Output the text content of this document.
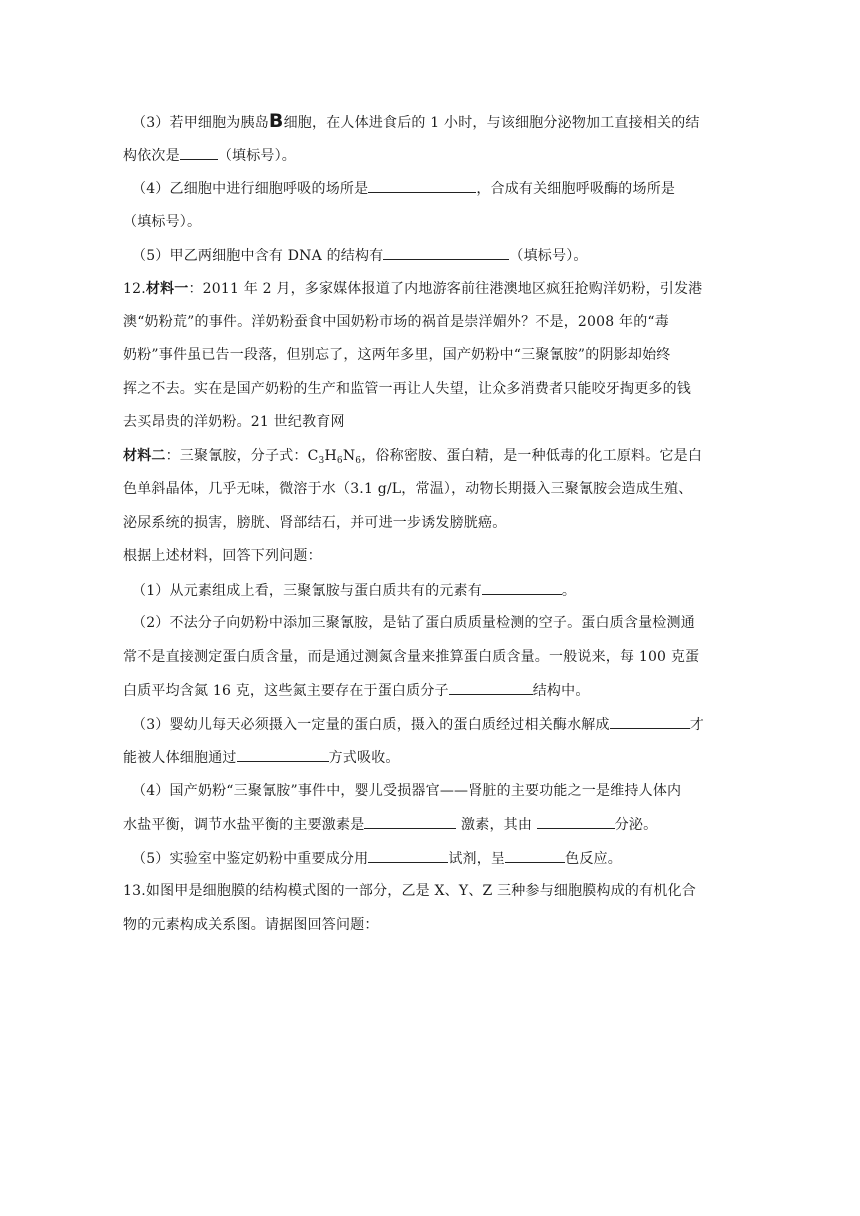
（3）若甲细胞为胰岛B细胞，在人体进食后的 1 小时，与该细胞分泌物加工直接相关的结
构依次是	（填标号）。
（4）乙细胞中进行细胞呼吸的场所是	，合成有关细胞呼吸酶的场所是
（填标号）。
（5）甲乙两细胞中含有 DNA 的结构有	（填标号）。
12.材料一：2011 年 2 月，多家媒体报道了内地游客前往港澳地区疯狂抢购洋奶粉，引发港
澳“奶粉荒”的事件。洋奶粉蚕食中国奶粉市场的祸首是崇洋媚外？不是，2008 年的“毒
奶粉”事件虽已告一段落，但别忘了，这两年多里，国产奶粉中“三聚氰胺”的阴影却始终
挥之不去。实在是国产奶粉的生产和监管一再让人失望，让众多消费者只能咬牙掏更多的钱
去买昂贵的洋奶粉。21 世纪教育网
材料二：三聚氰胺，分子式：$C_3H_6N_6$，俗称密胺、蛋白精，是一种低毒的化工原料。它是白
色单斜晶体，几乎无味，微溶于水（3.1 g/L，常温），动物长期摄入三聚氰胺会造成生殖、
泌尿系统的损害，膀胱、肾部结石，并可进一步诱发膀胱癌。
根据上述材料，回答下列问题：
（1）从元素组成上看，三聚氰胺与蛋白质共有的元素有	。
（2）不法分子向奶粉中添加三聚氰胺，是钻了蛋白质质量检测的空子。蛋白质含量检测通
常不是直接测定蛋白质含量，而是通过测氮含量来推算蛋白质含量。一般说来，每 100 克蛋
白质平均含氮 16 克，这些氮主要存在于蛋白质分子	结构中。
（3）婴幼儿每天必须摄入一定量的蛋白质，摄入的蛋白质经过相关酶水解成	才
能被人体细胞通过	方式吸收。
（4）国产奶粉“三聚氰胺”事件中，婴儿受损器官——肾脏的主要功能之一是维持人体内
水盐平衡，调节水盐平衡的主要激素是	激素，其由	分泌。
（5）实验室中鉴定奶粉中重要成分用	试剂，呈	色反应。
13.如图甲是细胞膜的结构模式图的一部分，乙是 X、Y、Z 三种参与细胞膜构成的有机化合
物的元素构成关系图。请据图回答问题：
